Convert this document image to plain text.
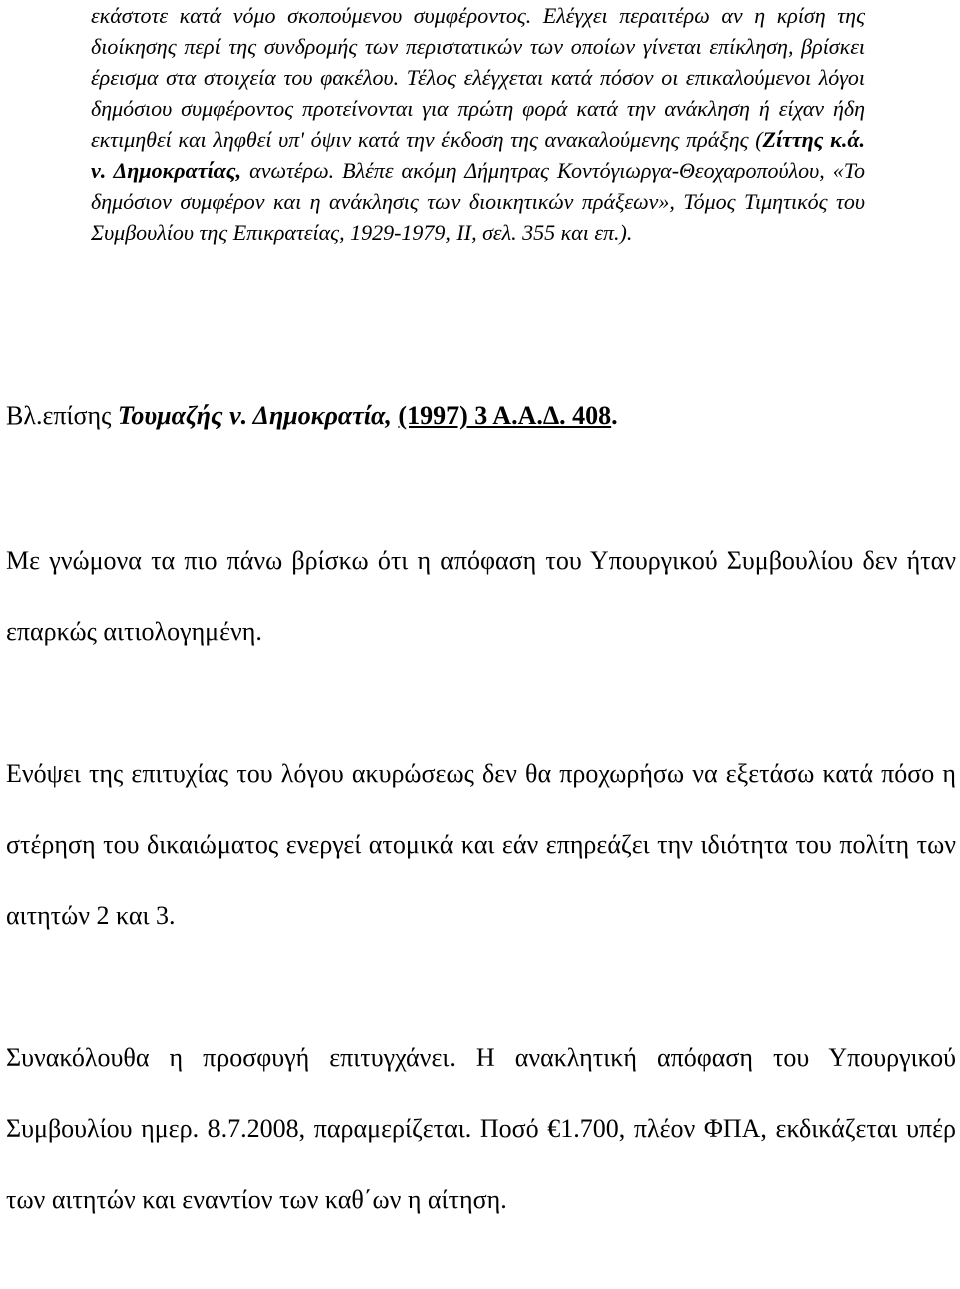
εκάστοτε κατά νόμο σκοπούμενου συμφέροντος. Ελέγχει περαιτέρω αν η κρίση της διοίκησης περί της συνδρομής των περιστατικών των οποίων γίνεται επίκληση, βρίσκει έρεισμα στα στοιχεία του φακέλου. Τέλος ελέγχεται κατά πόσον οι επικαλούμενοι λόγοι δημόσιου συμφέροντος προτείνονται για πρώτη φορά κατά την ανάκληση ή είχαν ήδη εκτιμηθεί και ληφθεί υπ' όψιν κατά την έκδοση της ανακαλούμενης πράξης (Ζίττης κ.ά. ν. Δημοκρατίας, ανωτέρω. Βλέπε ακόμη Δήμητρας Κοντόγιωργα-Θεοχαροπούλου, «Το δημόσιον συμφέρον και η ανάκλησις των διοικητικών πράξεων», Τόμος Τιμητικός του Συμβουλίου της Επικρατείας, 1929-1979, ΙΙ, σελ. 355 και επ.).
Βλ.επίσης Τουμαζής ν. Δημοκρατία, (1997) 3 Α.Α.Δ. 408.
Με γνώμονα τα πιο πάνω βρίσκω ότι η απόφαση του Υπουργικού Συμβουλίου δεν ήταν επαρκώς αιτιολογημένη.
Ενόψει της επιτυχίας του λόγου ακυρώσεως δεν θα προχωρήσω να εξετάσω κατά πόσο η στέρηση του δικαιώματος ενεργεί ατομικά και εάν επηρεάζει την ιδιότητα του πολίτη των αιτητών 2 και 3.
Συνακόλουθα η προσφυγή επιτυγχάνει. Η ανακλητική απόφαση του Υπουργικού Συμβουλίου ημερ. 8.7.2008, παραμερίζεται. Ποσό €1.700, πλέον ΦΠΑ, εκδικάζεται υπέρ των αιτητών και εναντίον των καθ΄ων η αίτηση.
